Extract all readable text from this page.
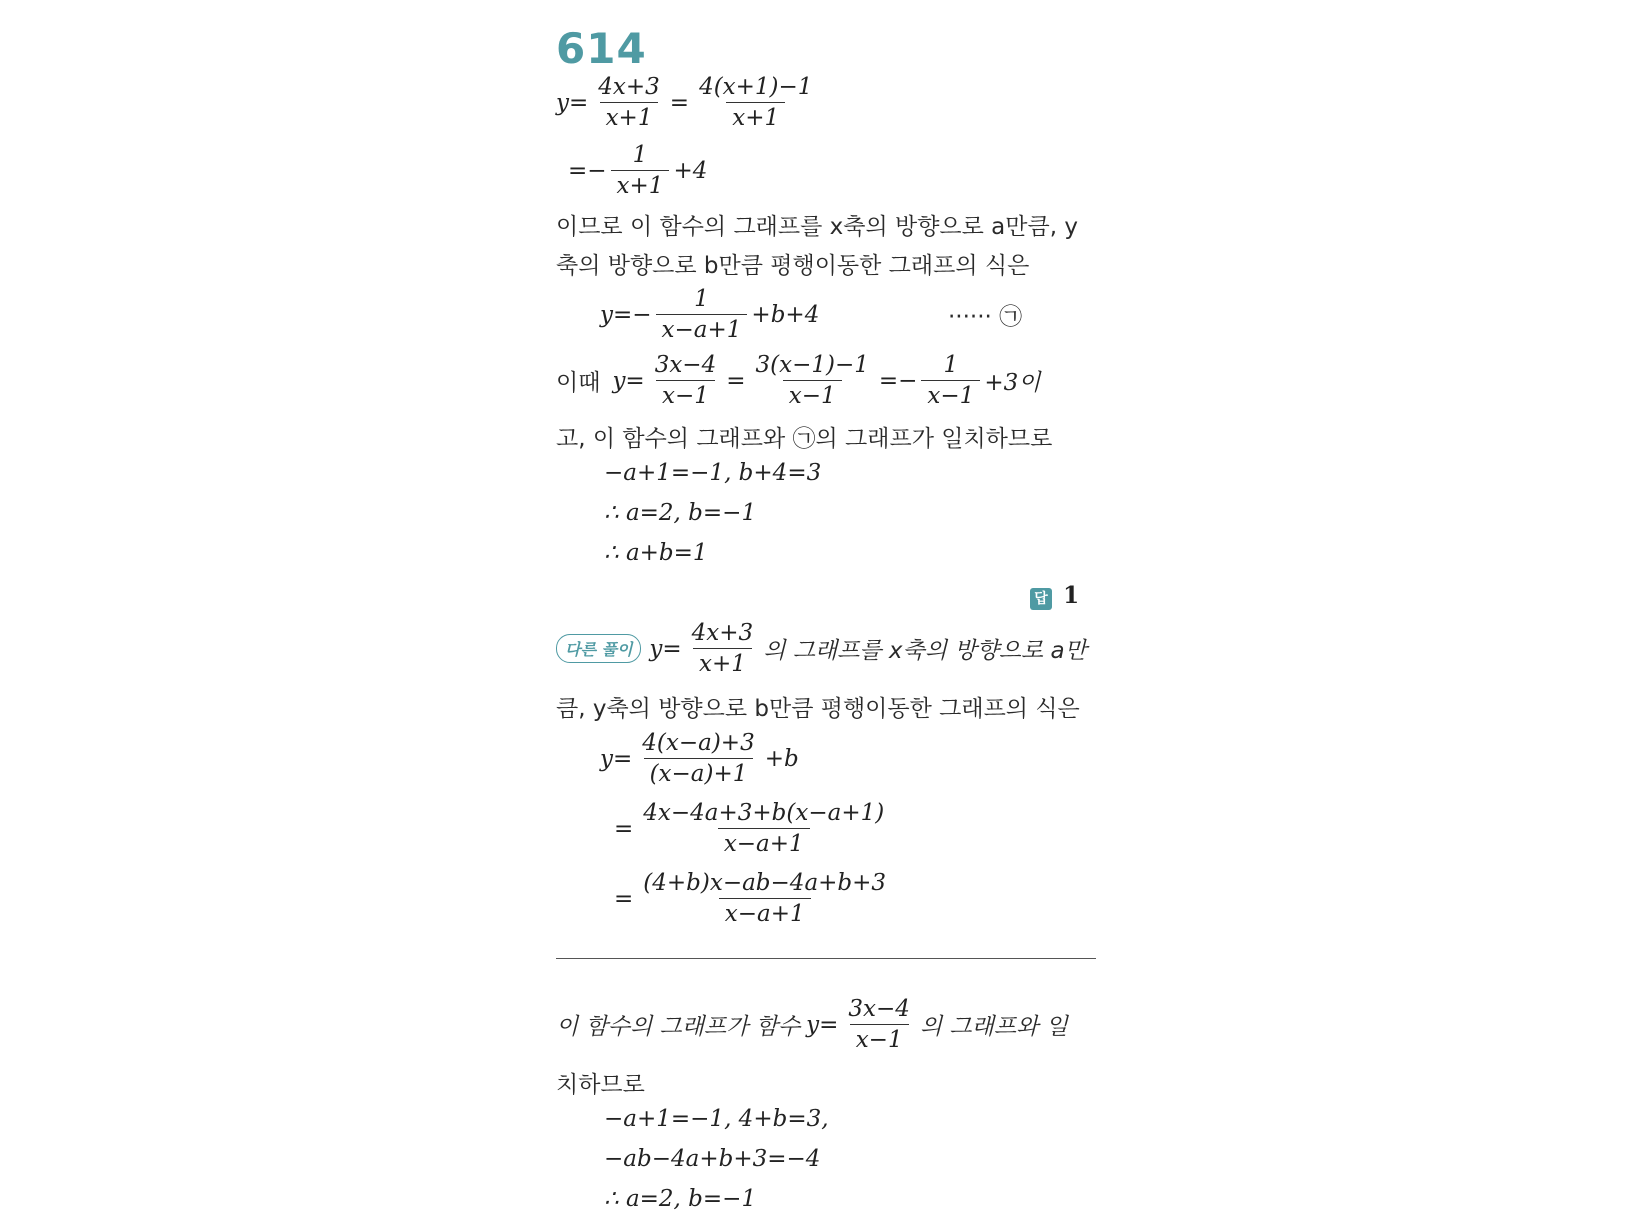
614
$y= \frac{4x+3}{x+1} = \frac{4(x+1)-1}{x+1}$
=− $\frac{1}{x+1} +4$
이므로 이 함수의 그래프를 x축의 방향으로 a만큼, y
축의 방향으로 b만큼 평행이동한 그래프의 식은
$y=- \frac{1}{x-a+1} +b+4$	······ ㉠
이때 $y= \frac{3x-4}{x-1} = \frac{3(x-1)-1}{x-1} =- \frac{1}{x-1} +3$이
고, 이 함수의 그래프와 ㉠의 그래프가 일치하므로
−a+1=−1, b+4=3
∴ a=2, b=−1
∴ a+b=1
답 1
다른 풀이 $y= \frac{4x+3}{x+1}$ 의 그래프를 x축의 방향으로 a만
큼, y축의 방향으로 b만큼 평행이동한 그래프의 식은
$y= \frac{4(x-a)+3}{(x-a)+1} +b$
= $\frac{4x-4a+3+b(x-a+1)}{x-a+1}$
= $\frac{(4+b)x-ab-4a+b+3}{x-a+1}$
이 함수의 그래프가 함수 $y= \frac{3x-4}{x-1}$ 의 그래프와 일
치하므로
−a+1=−1, 4+b=3,
−ab−4a+b+3=−4
∴ a=2, b=−1
